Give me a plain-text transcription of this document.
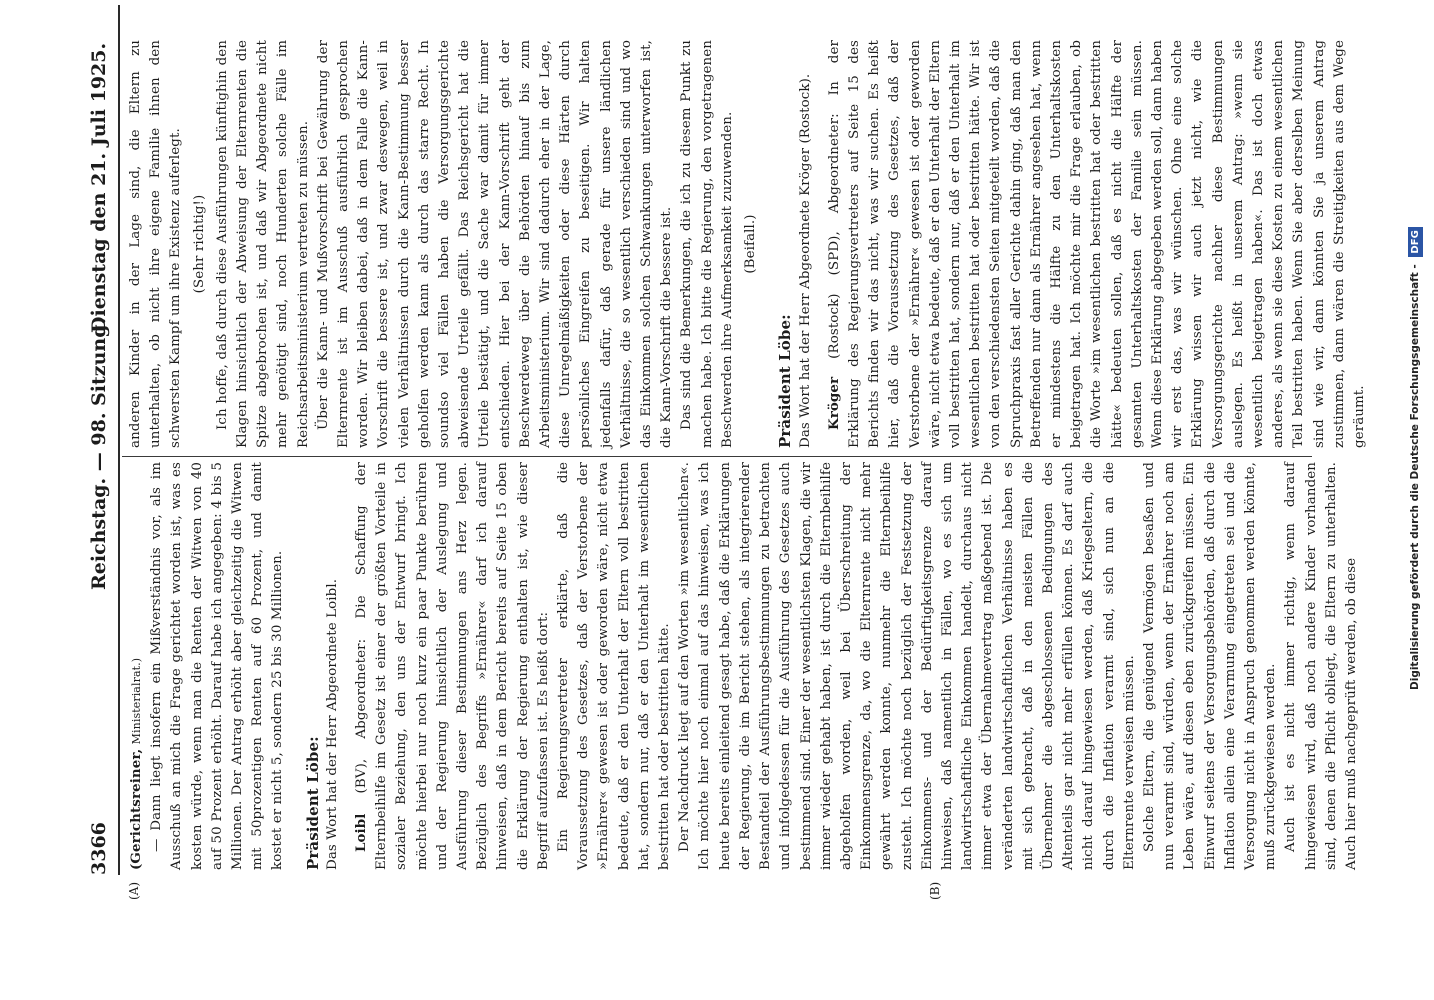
3366
Reichstag. — 98. Sitzung.
Dienstag den 21. Juli 1925.
(A)	(B)

(Gerichtsreiner, Ministerialrat.) — Dann liegt insofern ein Mißverständnis vor, als im Ausschuß an mich die Frage gerichtet worden ist, was es kosten würde, wenn man die Renten der Witwen von 40 auf 50 Prozent erhöht. Darauf habe ich angegeben: 4 bis 5 Millionen. Der Antrag erhöht aber gleichzeitig die Witwen mit 50prozentigen Renten auf 60 Prozent, und damit kostet er nicht 5, sondern 25 bis 30 Millionen. Präsident Löbe: Das Wort hat der Herr Abgeordnete Loibl. Loibl (BV), Abgeordneter: Die Schaffung der Elternbeihilfe im Gesetz ist einer der größten Vorteile in sozialer Beziehung, den uns der Entwurf bringt. Ich möchte hierbei nur noch kurz ein paar Punkte berühren und der Regierung hinsichtlich der Auslegung und Ausführung dieser Bestimmungen ans Herz legen. Bezüglich des Begriffs »Ernährer« darf ich darauf hinweisen, daß in dem Bericht bereits auf Seite 15 oben die Erklärung der Regierung enthalten ist, wie dieser Begriff aufzufassen ist. Es heißt dort: Ein Regierungsvertreter erklärte, daß die Voraussetzung des Gesetzes, daß der Verstorbene der »Ernährer« gewesen ist oder geworden wäre, nicht etwa bedeute, daß er den Unterhalt der Eltern voll bestritten hat, sondern nur, daß er den Unterhalt im wesentlichen bestritten hat oder bestritten hätte. Der Nachdruck liegt auf den Worten »im wesentlichen«. Ich möchte hier noch einmal auf das hinweisen, was ich heute bereits einleitend gesagt habe, daß die Erklärungen der Regierung, die im Bericht stehen, als integrierender Bestandteil der Ausführungsbestimmungen zu betrachten und infolgedessen für die Ausführung des Gesetzes auch bestimmend sind. Einer der wesentlichsten Klagen, die wir immer wieder gehabt haben, ist durch die Elternbeihilfe abgeholfen worden, weil bei Überschreitung der Einkommensgrenze, da, wo die Elternrente nicht mehr gewährt werden konnte, nunmehr die Elternbeihilfe zusteht. Ich möchte noch bezüglich der Festsetzung der Einkommens- und der Bedürftigkeitsgrenze darauf hinweisen, daß namentlich in Fällen, wo es sich um landwirtschaftliche Einkommen handelt, durchaus nicht immer etwa der Übernahmevertrag maßgebend ist. Die veränderten landwirtschaftlichen Verhältnisse haben es mit sich gebracht, daß in den meisten Fällen die Übernehmer die abgeschlossenen Bedingungen des Altenteils gar nicht mehr erfüllen können. Es darf auch nicht darauf hingewiesen werden, daß Kriegseltern, die durch die Inflation verarmt sind, sich nun an die Elternrente verweisen müssen. Solche Eltern, die genügend Vermögen besaßen und nun verarmt sind, würden, wenn der Ernährer noch am Leben wäre, auf diesen eben zurückgreifen müssen. Ein Einwurf seitens der Versorgungsbehörden, daß durch die Inflation allein eine Verarmung eingetreten sei und die Versorgung nicht in Anspruch genommen werden könnte, muß zurückgewiesen werden. Auch ist es nicht immer richtig, wenn darauf hingewiesen wird, daß noch andere Kinder vorhanden sind, denen die Pflicht obliegt, die Eltern zu unterhalten. Auch hier muß nachgeprüft werden, ob diese

anderen Kinder in der Lage sind, die Eltern zu unterhalten, ob nicht ihre eigene Familie ihnen den schwersten Kampf um ihre Existenz auferlegt. (Sehr richtig!) Ich hoffe, daß durch diese Ausführungen künftighin den Klagen hinsichtlich der Abweisung der Elternrenten die Spitze abgebrochen ist, und daß wir Abgeordnete nicht mehr genötigt sind, noch Hunderten solche Fälle im Reichsarbeitsministerium vertreten zu müssen. Über die Kann- und Mußvorschrift bei Gewährung der Elternrente ist im Ausschuß ausführlich gesprochen worden. Wir bleiben dabei, daß in dem Falle die Kann-Vorschrift die bessere ist, und zwar deswegen, weil in vielen Verhältnissen durch die Kann-Bestimmung besser geholfen werden kann als durch das starre Recht. In soundso viel Fällen haben die Versorgungsgerichte abweisende Urteile gefällt. Das Reichsgericht hat die Urteile bestätigt, und die Sache war damit für immer entschieden. Hier bei der Kann-Vorschrift geht der Beschwerdeweg über die Behörden hinauf bis zum Arbeitsministerium. Wir sind dadurch eher in der Lage, diese Unregelmäßigkeiten oder diese Härten durch persönliches Eingreifen zu beseitigen. Wir halten jedenfalls dafür, daß gerade für unsere ländlichen Verhältnisse, die so wesentlich verschieden sind und wo das Einkommen solchen Schwankungen unterworfen ist, die Kann-Vorschrift die bessere ist. Das sind die Bemerkungen, die ich zu diesem Punkt zu machen habe. Ich bitte die Regierung, den vorgetragenen Beschwerden ihre Aufmerksamkeit zuzuwenden. (Beifall.)

Präsident Löbe: Das Wort hat der Herr Abgeordnete Kröger (Rostock). Kröger (Rostock) (SPD), Abgeordneter: In der Erklärung des Regierungsvertreters auf Seite 15 des Berichts finden wir das nicht, was wir suchen. Es heißt hier, daß die Voraussetzung des Gesetzes, daß der Verstorbene der »Ernährer« gewesen ist oder geworden wäre, nicht etwa bedeute, daß er den Unterhalt der Eltern voll bestritten hat, sondern nur, daß er den Unterhalt im wesentlichen bestritten hat oder bestritten hätte. Wir ist von den verschiedensten Seiten mitgeteilt worden, daß die Spruchpraxis fast aller Gerichte dahin ging, daß man den Betreffenden nur dann als Ernährer angesehen hat, wenn er mindestens die Hälfte zu den Unterhaltskosten beigetragen hat. Ich möchte mir die Frage erlauben, ob die Worte »im wesentlichen bestritten hat oder bestritten hätte« bedeuten sollen, daß es nicht die Hälfte der gesamten Unterhaltskosten der Familie sein müssen. Wenn diese Erklärung abgegeben werden soll, dann haben wir erst das, was wir wünschen. Ohne eine solche Erklärung wissen wir auch jetzt nicht, wie die Versorgungsgerichte nachher diese Bestimmungen auslegen. Es heißt in unserem Antrag: »wenn sie wesentlich beigetragen haben«. Das ist doch etwas anderes, als wenn sie diese Kosten zu einem wesentlichen Teil bestritten haben. Wenn Sie aber derselben Meinung sind wie wir, dann könnten Sie ja unserem Antrag zustimmen, dann wären die Streitigkeiten aus dem Wege geräumt.	Digitalisierung gefördert durch die Deutsche Forschungsgemeinschaft - DFG
